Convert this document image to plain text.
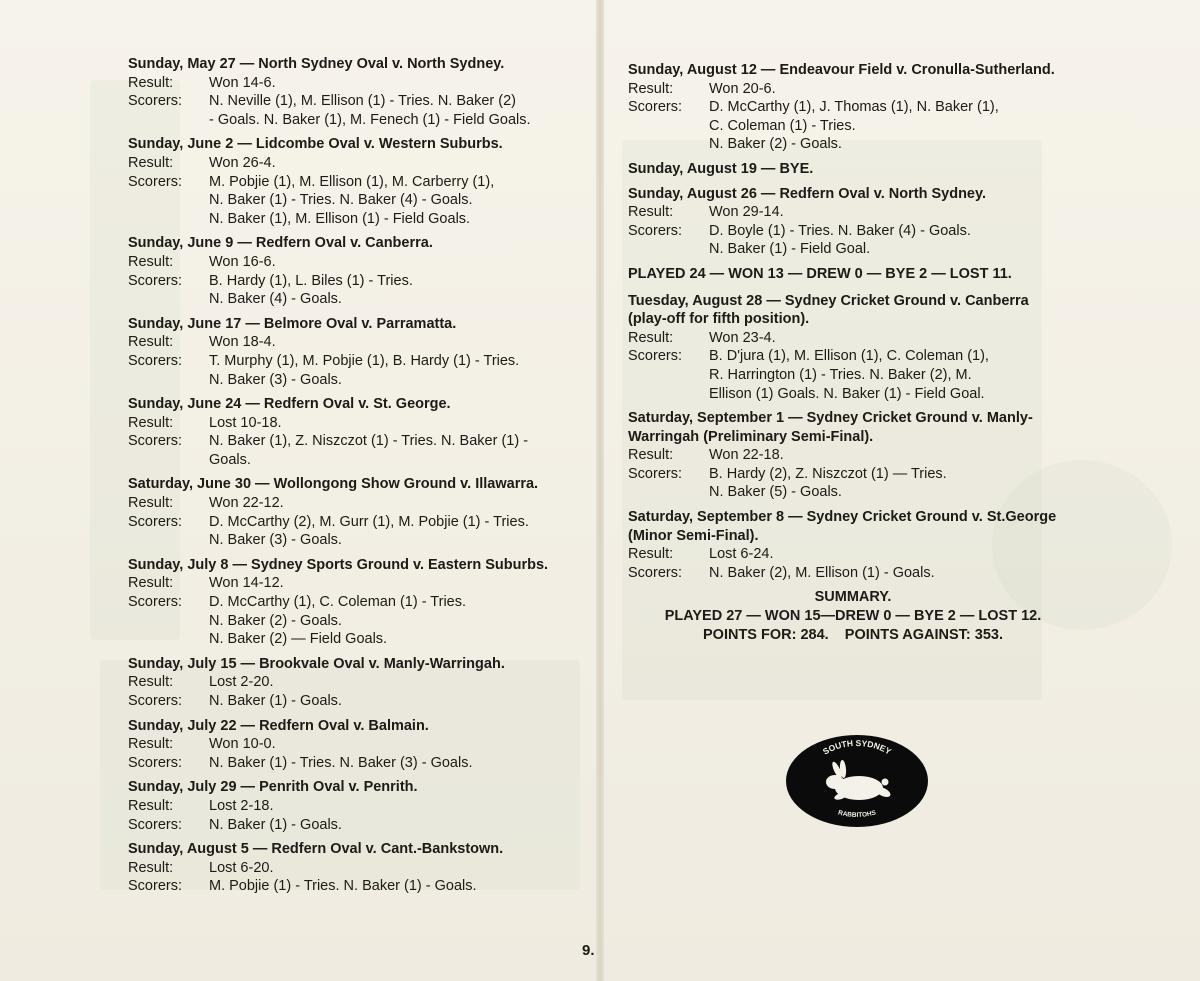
Sunday, May 27 — North Sydney Oval v. North Sydney.
Result:	Won 14-6.
Scorers:	N. Neville (1), M. Ellison (1) - Tries. N. Baker (2)
- Goals. N. Baker (1), M. Fenech (1) - Field Goals.
Sunday, June 2 — Lidcombe Oval v. Western Suburbs.
Result:	Won 26-4.
Scorers:	M. Pobjie (1), M. Ellison (1), M. Carberry (1),
N. Baker (1) - Tries. N. Baker (4) - Goals.
N. Baker (1), M. Ellison (1) - Field Goals.
Sunday, June 9 — Redfern Oval v. Canberra.
Result:	Won 16-6.
Scorers:	B. Hardy (1), L. Biles (1) - Tries.
N. Baker (4) - Goals.
Sunday, June 17 — Belmore Oval v. Parramatta.
Result:	Won 18-4.
Scorers:	T. Murphy (1), M. Pobjie (1), B. Hardy (1) - Tries.
N. Baker (3) - Goals.
Sunday, June 24 — Redfern Oval v. St. George.
Result:	Lost 10-18.
Scorers:	N. Baker (1), Z. Niszczot (1) - Tries. N. Baker (1) -
Goals.
Saturday, June 30 — Wollongong Show Ground v. Illawarra.
Result:	Won 22-12.
Scorers:	D. McCarthy (2), M. Gurr (1), M. Pobjie (1) - Tries.
N. Baker (3) - Goals.
Sunday, July 8 — Sydney Sports Ground v. Eastern Suburbs.
Result:	Won 14-12.
Scorers:	D. McCarthy (1), C. Coleman (1) - Tries.
N. Baker (2) - Goals.
N. Baker (2) — Field Goals.
Sunday, July 15 — Brookvale Oval v. Manly-Warringah.
Result:	Lost 2-20.
Scorers:	N. Baker (1) - Goals.
Sunday, July 22 — Redfern Oval v. Balmain.
Result:	Won 10-0.
Scorers:	N. Baker (1) - Tries. N. Baker (3) - Goals.
Sunday, July 29 — Penrith Oval v. Penrith.
Result:	Lost 2-18.
Scorers:	N. Baker (1) - Goals.
Sunday, August 5 — Redfern Oval v. Cant.-Bankstown.
Result:	Lost 6-20.
Scorers:	M. Pobjie (1) - Tries. N. Baker (1) - Goals.
Sunday, August 12 — Endeavour Field v. Cronulla-Sutherland.
Result:	Won 20-6.
Scorers:	D. McCarthy (1), J. Thomas (1), N. Baker (1),
C. Coleman (1) - Tries.
N. Baker (2) - Goals.
Sunday, August 19 — BYE.
Sunday, August 26 — Redfern Oval v. North Sydney.
Result:	Won 29-14.
Scorers:	D. Boyle (1) - Tries. N. Baker (4) - Goals.
N. Baker (1) - Field Goal.
PLAYED 24 — WON 13 — DREW 0 — BYE 2 — LOST 11.
Tuesday, August 28 — Sydney Cricket Ground v. Canberra
(play-off for fifth position).
Result:	Won 23-4.
Scorers:	B. D'jura (1), M. Ellison (1), C. Coleman (1),
R. Harrington (1) - Tries. N. Baker (2), M.
Ellison (1) Goals. N. Baker (1) - Field Goal.
Saturday, September 1 — Sydney Cricket Ground v. Manly-
Warringah (Preliminary Semi-Final).
Result:	Won 22-18.
Scorers:	B. Hardy (2), Z. Niszczot (1) — Tries.
N. Baker (5) - Goals.
Saturday, September 8 — Sydney Cricket Ground v. St.George
(Minor Semi-Final).
Result:	Lost 6-24.
Scorers:	N. Baker (2), M. Ellison (1) - Goals.
SUMMARY.
PLAYED 27 — WON 15—DREW 0 — BYE 2 — LOST 12.
POINTS FOR: 284.    POINTS AGAINST: 353.
SOUTH SYDNEY
RABBITOHS
9.
